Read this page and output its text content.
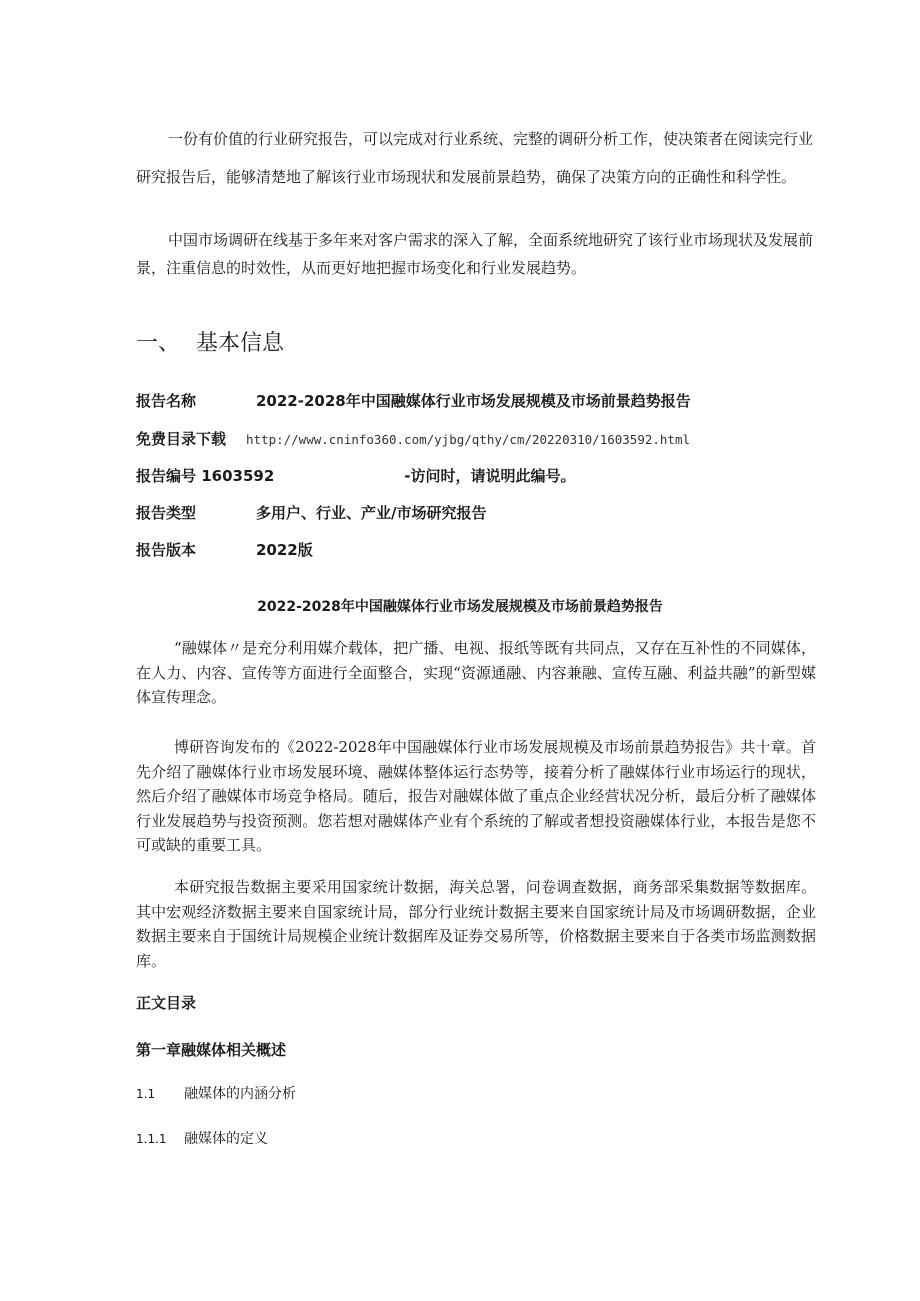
一份有价值的行业研究报告，可以完成对行业系统、完整的调研分析工作，使决策者在阅读完行业研究报告后，能够清楚地了解该行业市场现状和发展前景趋势，确保了决策方向的正确性和科学性。

中国市场调研在线基于多年来对客户需求的深入了解，全面系统地研究了该行业市场现状及发展前景，注重信息的时效性，从而更好地把握市场变化和行业发展趋势。

一、 基本信息
报告名称	2022-2028年中国融媒体行业市场发展规模及市场前景趋势报告
免费目录下载 http://www.cninfo360.com/yjbg/qthy/cm/20220310/1603592.html
报告编号 1603592	-访问时，请说明此编号。
报告类型	多用户、行业、产业/市场研究报告
报告版本	2022版

2022-2028年中国融媒体行业市场发展规模及市场前景趋势报告

“融媒体〃是充分利用媒介载体，把广播、电视、报纸等既有共同点，又存在互补性的不同媒体，在人力、内容、宣传等方面进行全面整合，实现“资源通融、内容兼融、宣传互融、利益共融”的新型媒体宣传理念。

博研咨询发布的《2022-2028年中国融媒体行业市场发展规模及市场前景趋势报告》共十章。首先介绍了融媒体行业市场发展环境、融媒体整体运行态势等，接着分析了融媒体行业市场运行的现状，然后介绍了融媒体市场竞争格局。随后，报告对融媒体做了重点企业经营状况分析，最后分析了融媒体行业发展趋势与投资预测。您若想对融媒体产业有个系统的了解或者想投资融媒体行业，本报告是您不可或缺的重要工具。

本研究报告数据主要采用国家统计数据，海关总署，问卷调查数据，商务部采集数据等数据库。其中宏观经济数据主要来自国家统计局，部分行业统计数据主要来自国家统计局及市场调研数据，企业数据主要来自于国统计局规模企业统计数据库及证券交易所等，价格数据主要来自于各类市场监测数据库。

正文目录

第一章融媒体相关概述

1.1 融媒体的内涵分析
1.1.1 融媒体的定义
